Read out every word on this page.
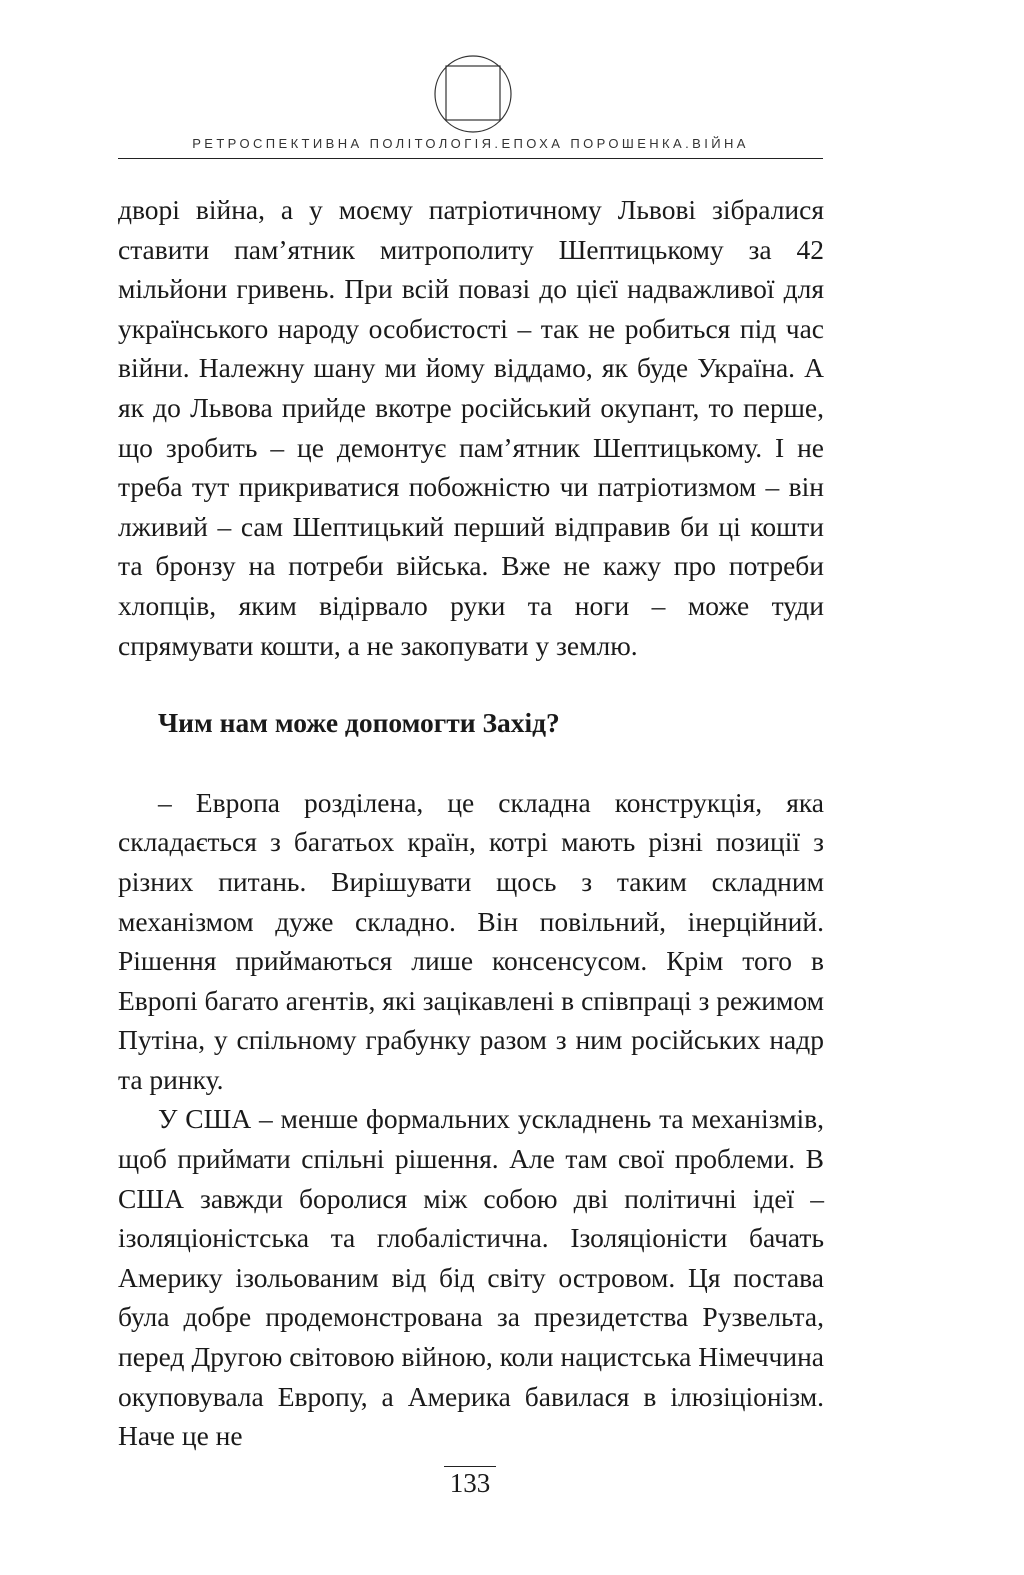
РЕТРОСПЕКТИВНА ПОЛІТОЛОГІЯ.ЕПОХА ПОРОШЕНКА.ВІЙНА

дворі війна, а у моєму патріотичному Львові зібралися ставити пам’ятник митрополиту Шептицькому за 42 мільйони гривень. При всій повазі до цієї надважливої для українського народу особистості – так не робиться під час війни. Належну шану ми йому віддамо, як буде Україна. А як до Львова прийде вкотре російський окупант, то перше, що зробить – це демонтує пам’ятник Шептицькому. І не треба тут прикриватися побожністю чи патріотизмом – він лживий – сам Шептицький перший відправив би ці кошти та бронзу на потреби війська. Вже не кажу про потреби хлопців, яким відірвало руки та ноги – може туди спрямувати кошти, а не закопувати у землю.

Чим нам може допомогти Захід?

– Европа розділена, це складна конструкція, яка складається з багатьох країн, котрі мають різні позиції з різних питань. Вирішувати щось з таким складним механізмом дуже складно. Він повільний, інерційний. Рішення приймаються лише консенсусом. Крім того в Европі багато агентів, які зацікавлені в співпраці з режимом Путіна, у спільному грабунку разом з ним російських надр та ринку.

У США – менше формальних ускладнень та механізмів, щоб приймати спільні рішення. Але там свої проблеми. В США завжди боролися між собою дві політичні ідеї – ізоляціоністська та глобалістична. Ізоляціоністи бачать Америку ізольованим від бід світу островом. Ця постава була добре продемонстрована за президетства Рузвельта, перед Другою світовою війною, коли нацистська Німеччина окуповувала Европу, а Америка бавилася в ілюзіціонізм. Наче це не

133
